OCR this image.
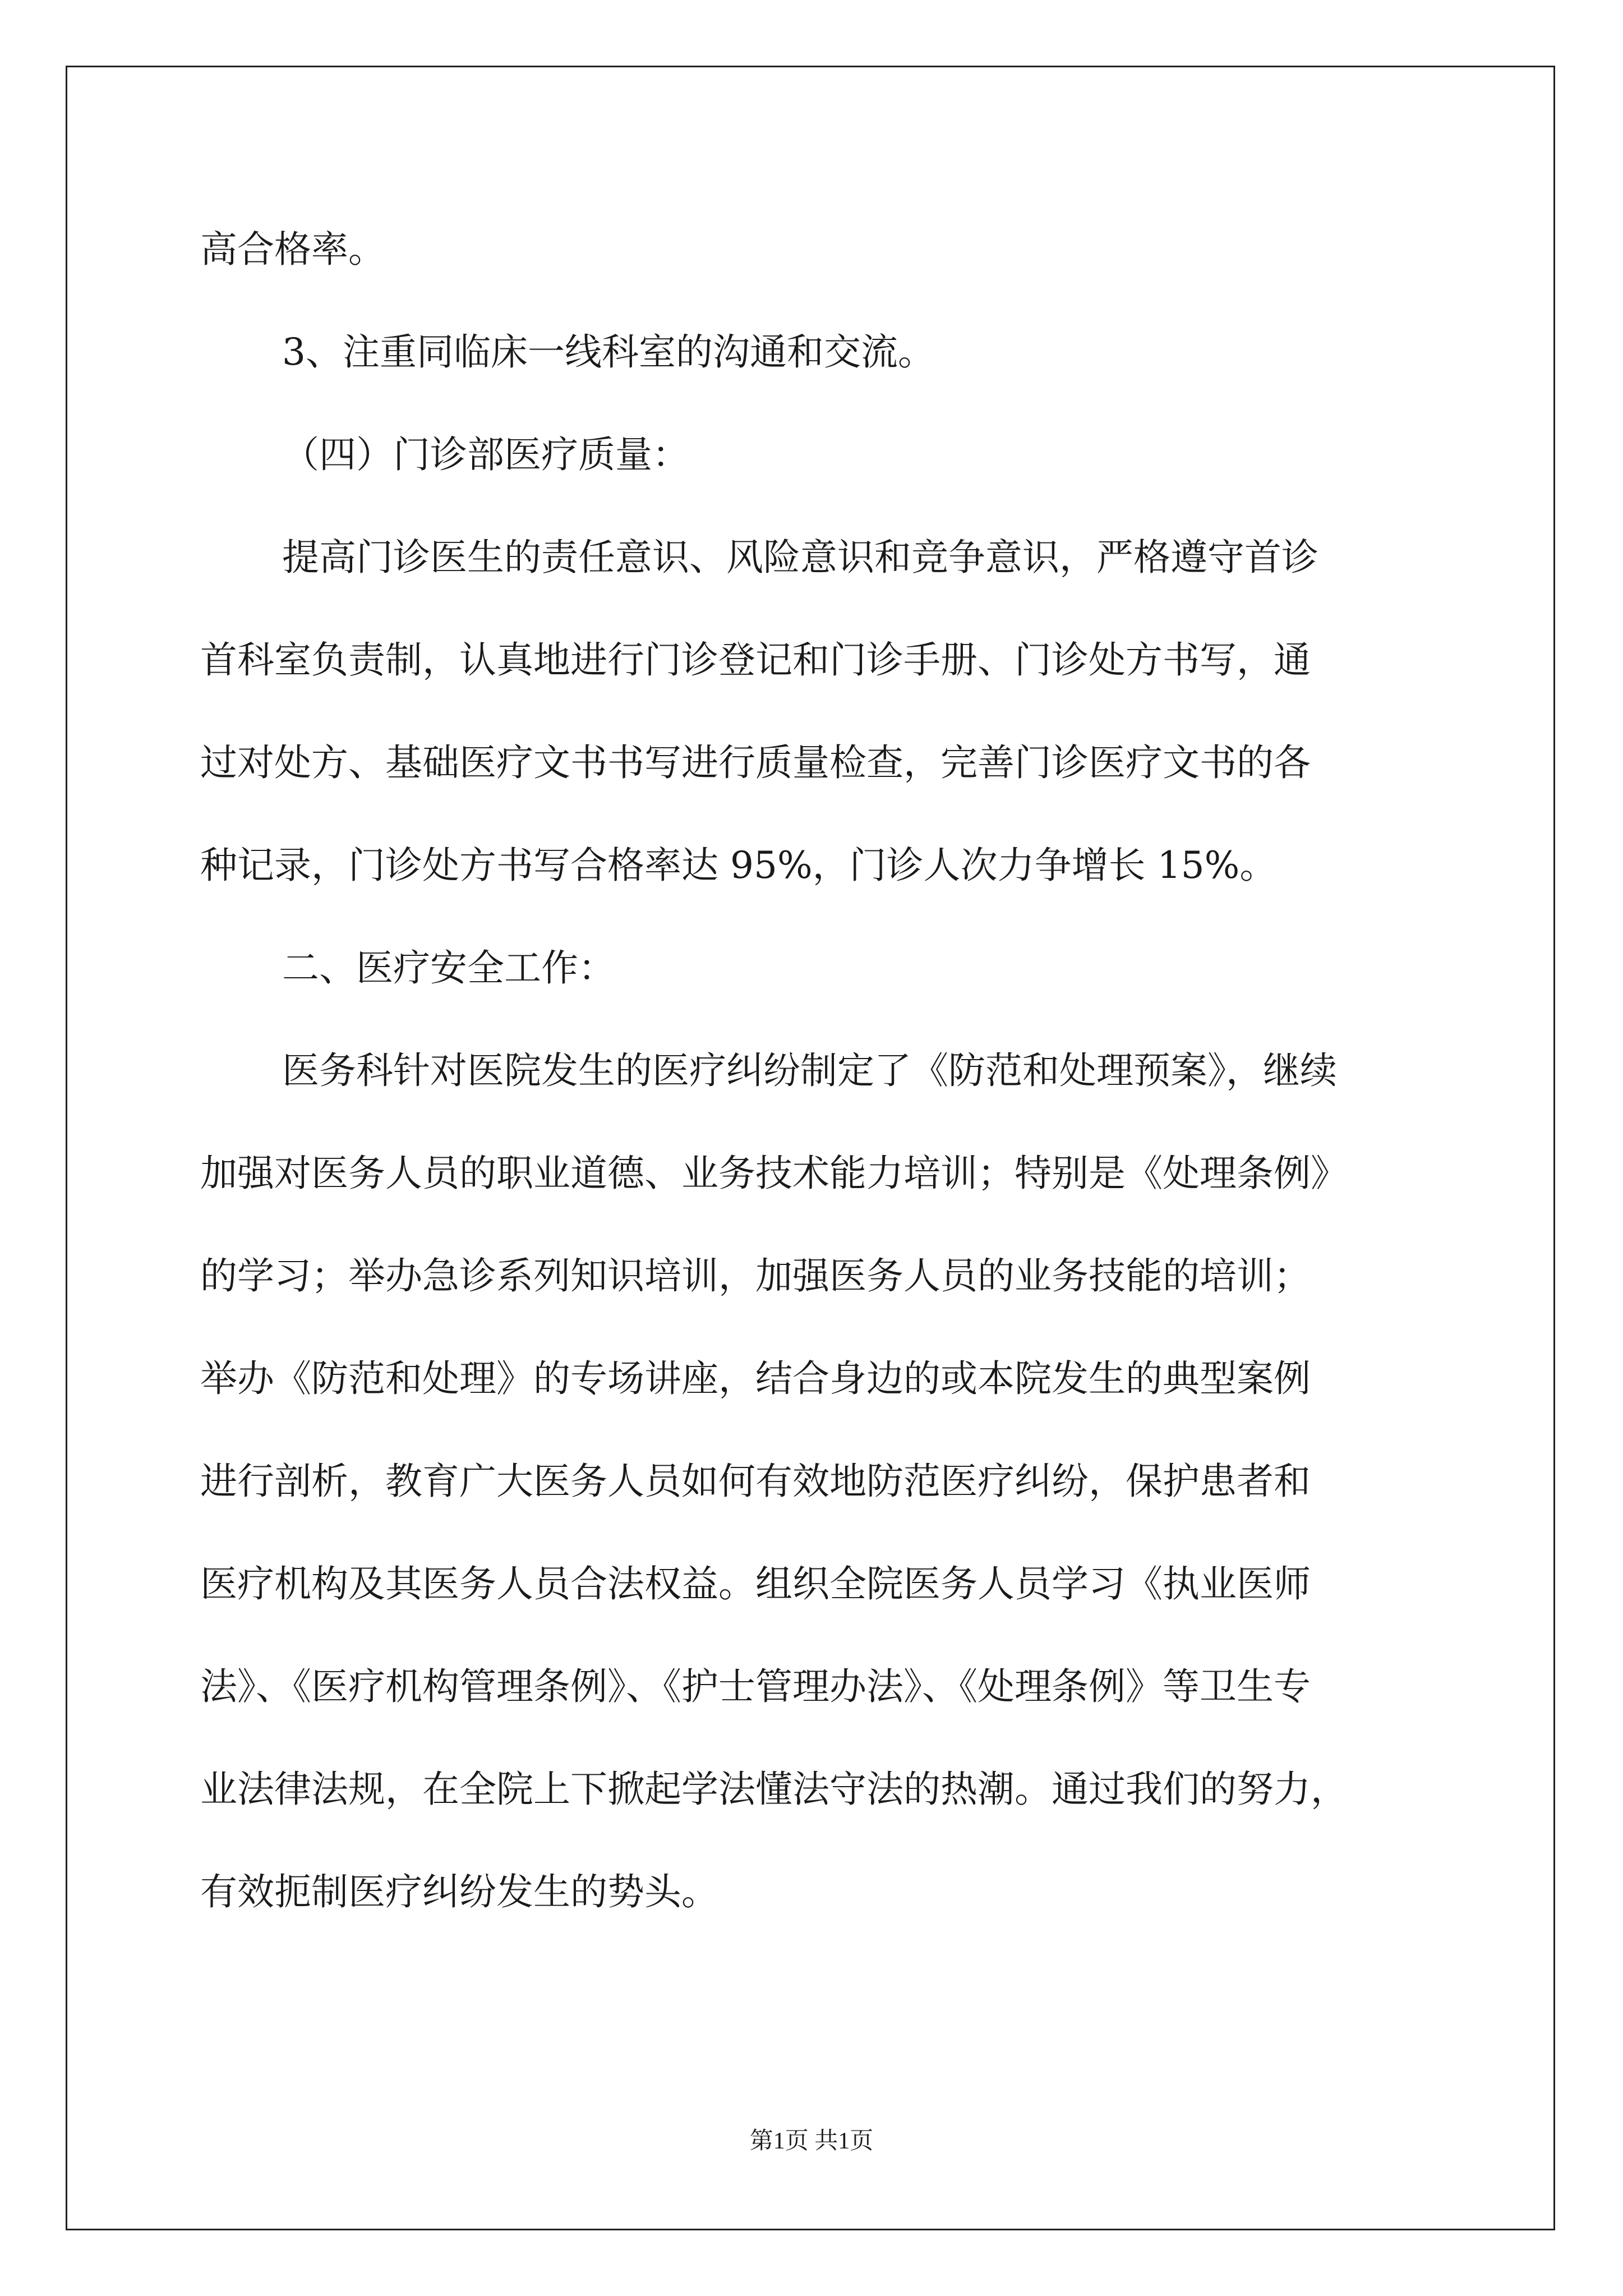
高合格率。
3、注重同临床一线科室的沟通和交流。
（四）门诊部医疗质量：
提高门诊医生的责任意识、风险意识和竞争意识，严格遵守首诊
首科室负责制，认真地进行门诊登记和门诊手册、门诊处方书写，通
过对处方、基础医疗文书书写进行质量检查，完善门诊医疗文书的各
种记录，门诊处方书写合格率达 95%，门诊人次力争增长 15%。
二、医疗安全工作：
医务科针对医院发生的医疗纠纷制定了《防范和处理预案》，继续
加强对医务人员的职业道德、业务技术能力培训；特别是《处理条例》
的学习；举办急诊系列知识培训，加强医务人员的业务技能的培训；
举办《防范和处理》的专场讲座，结合身边的或本院发生的典型案例
进行剖析，教育广大医务人员如何有效地防范医疗纠纷，保护患者和
医疗机构及其医务人员合法权益。组织全院医务人员学习《执业医师
法》、《医疗机构管理条例》、《护士管理办法》、《处理条例》等卫生专
业法律法规，在全院上下掀起学法懂法守法的热潮。通过我们的努力，
有效扼制医疗纠纷发生的势头。
第1页 共1页
